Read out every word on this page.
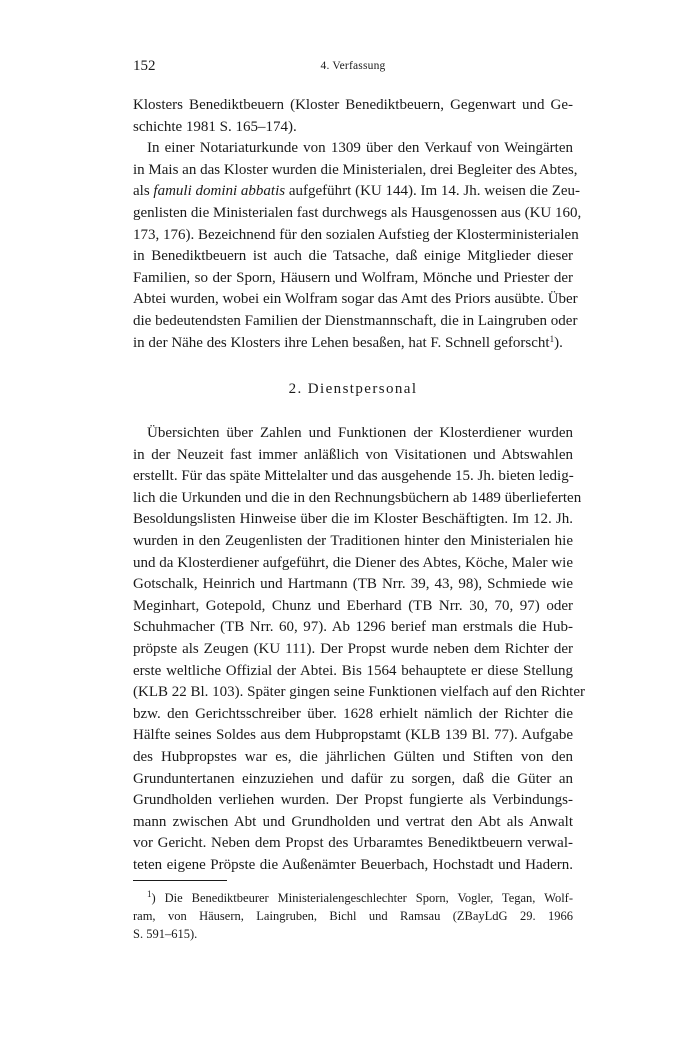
152	4. Verfassung

Klosters Benediktbeuern (Kloster Benediktbeuern, Gegenwart und Ge-
schichte 1981 S. 165–174).

In einer Notariaturkunde von 1309 über den Verkauf von Weingärten
in Mais an das Kloster wurden die Ministerialen, drei Begleiter des Abtes,
als famuli domini abbatis aufgeführt (KU 144). Im 14. Jh. weisen die Zeu-
genlisten die Ministerialen fast durchwegs als Hausgenossen aus (KU 160,
173, 176). Bezeichnend für den sozialen Aufstieg der Klosterministerialen
in Benediktbeuern ist auch die Tatsache, daß einige Mitglieder dieser
Familien, so der Sporn, Häusern und Wolfram, Mönche und Priester der
Abtei wurden, wobei ein Wolfram sogar das Amt des Priors ausübte. Über
die bedeutendsten Familien der Dienstmannschaft, die in Laingruben oder
in der Nähe des Klosters ihre Lehen besaßen, hat F. Schnell geforscht$^1$).

2. Dienstpersonal

Übersichten über Zahlen und Funktionen der Klosterdiener wurden
in der Neuzeit fast immer anläßlich von Visitationen und Abtswahlen
erstellt. Für das späte Mittelalter und das ausgehende 15. Jh. bieten ledig-
lich die Urkunden und die in den Rechnungsbüchern ab 1489 überlieferten
Besoldungslisten Hinweise über die im Kloster Beschäftigten. Im 12. Jh.
wurden in den Zeugenlisten der Traditionen hinter den Ministerialen hie
und da Klosterdiener aufgeführt, die Diener des Abtes, Köche, Maler wie
Gotschalk, Heinrich und Hartmann (TB Nrr. 39, 43, 98), Schmiede wie
Meginhart, Gotepold, Chunz und Eberhard (TB Nrr. 30, 70, 97) oder
Schuhmacher (TB Nrr. 60, 97). Ab 1296 berief man erstmals die Hub-
pröpste als Zeugen (KU 111). Der Propst wurde neben dem Richter der
erste weltliche Offizial der Abtei. Bis 1564 behauptete er diese Stellung
(KLB 22 Bl. 103). Später gingen seine Funktionen vielfach auf den Richter
bzw. den Gerichtsschreiber über. 1628 erhielt nämlich der Richter die
Hälfte seines Soldes aus dem Hubpropstamt (KLB 139 Bl. 77). Aufgabe
des Hubpropstes war es, die jährlichen Gülten und Stiften von den
Grunduntertanen einzuziehen und dafür zu sorgen, daß die Güter an
Grundholden verliehen wurden. Der Propst fungierte als Verbindungs-
mann zwischen Abt und Grundholden und vertrat den Abt als Anwalt
vor Gericht. Neben dem Propst des Urbaramtes Benediktbeuern verwal-
teten eigene Pröpste die Außenämter Beuerbach, Hochstadt und Hadern.

$^1$) Die Benediktbeurer Ministerialengeschlechter Sporn, Vogler, Tegan, Wolf-
ram, von Häusern, Laingruben, Bichl und Ramsau (ZBayLdG 29. 1966
S. 591–615).
